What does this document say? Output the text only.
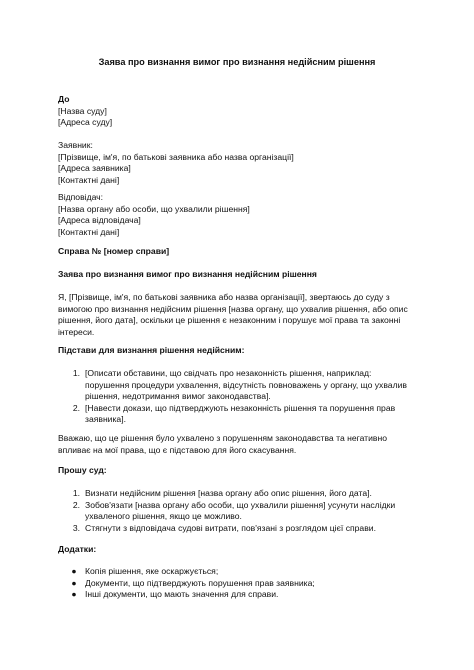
Заява про визнання вимог про визнання недійсним рішення
До
[Назва суду]
[Адреса суду]
Заявник:
[Прізвище, ім'я, по батькові заявника або назва організації]
[Адреса заявника]
[Контактні дані]
Відповідач:
[Назва органу або особи, що ухвалили рішення]
[Адреса відповідача]
[Контактні дані]
Справа № [номер справи]
Заява про визнання вимог про визнання недійсним рішення
Я, [Прізвище, ім'я, по батькові заявника або назва організації], звертаюсь до суду з
вимогою про визнання недійсним рішення [назва органу, що ухвалив рішення, або опис
рішення, його дата], оскільки це рішення є незаконним і порушує мої права та законні
інтереси.
Підстави для визнання рішення недійсним:
1. [Описати обставини, що свідчать про незаконність рішення, наприклад:
порушення процедури ухвалення, відсутність повноважень у органу, що ухвалив
рішення, недотримання вимог законодавства].
2. [Навести докази, що підтверджують незаконність рішення та порушення прав
заявника].
Вважаю, що це рішення було ухвалено з порушенням законодавства та негативно
впливає на мої права, що є підставою для його скасування.
Прошу суд:
1. Визнати недійсним рішення [назва органу або опис рішення, його дата].
2. Зобов'язати [назва органу або особи, що ухвалили рішення] усунути наслідки
ухваленого рішення, якщо це можливо.
3. Стягнути з відповідача судові витрати, пов'язані з розглядом цієї справи.
Додатки:
● Копія рішення, яке оскаржується;
● Документи, що підтверджують порушення прав заявника;
● Інші документи, що мають значення для справи.
